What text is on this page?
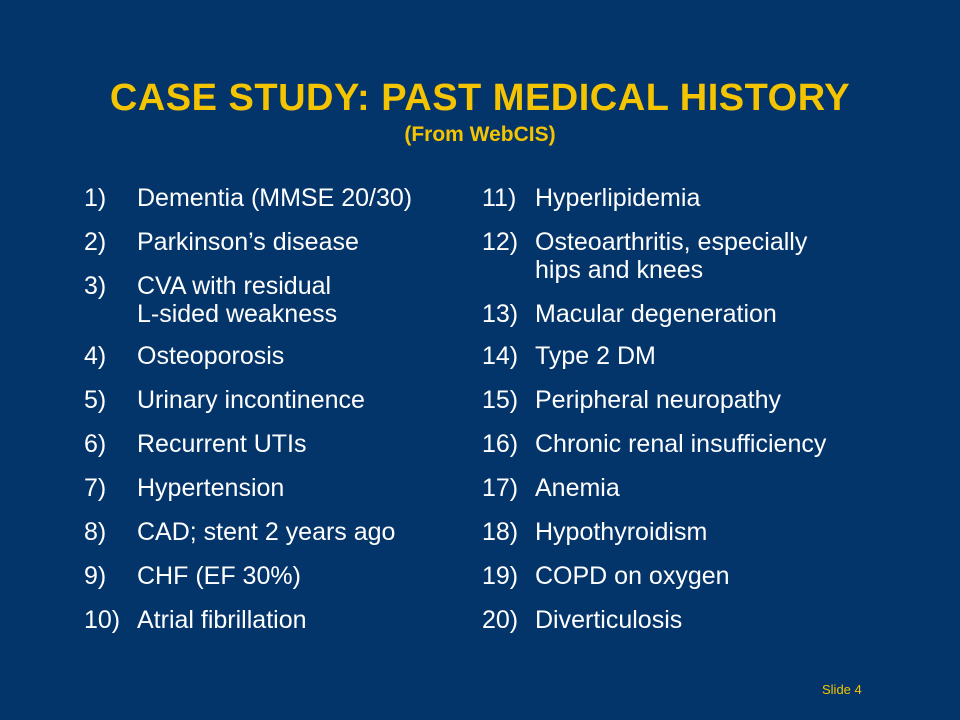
CASE STUDY: PAST MEDICAL HISTORY
(From WebCIS)
1) Dementia (MMSE 20/30)
2) Parkinson’s disease
3) CVA with residual
L-sided weakness
4) Osteoporosis
5) Urinary incontinence
6) Recurrent UTIs
7) Hypertension
8) CAD; stent 2 years ago
9) CHF (EF 30%)
10) Atrial fibrillation
11) Hyperlipidemia
12) Osteoarthritis, especially
hips and knees
13) Macular degeneration
14) Type 2 DM
15) Peripheral neuropathy
16) Chronic renal insufficiency
17) Anemia
18) Hypothyroidism
19) COPD on oxygen
20) Diverticulosis
Slide 4
